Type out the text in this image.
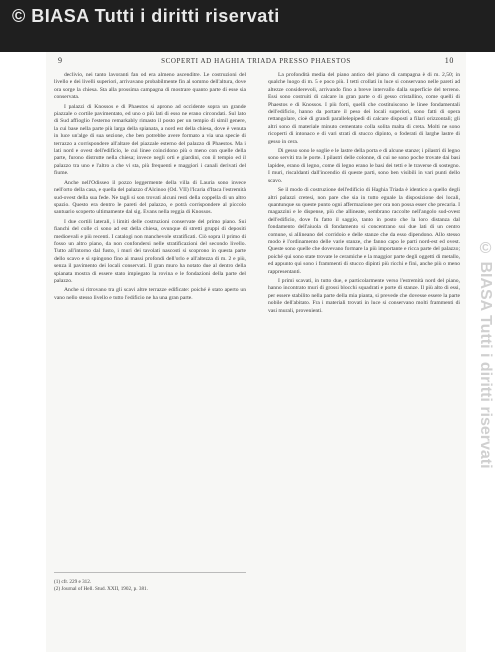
© BIASA Tutti i diritti riservati
© BIASA Tutti i diritti riservati
9	SCOPERTI AD HAGHIA TRIADA PRESSO PHAESTOS	10

declivio, nei tanto lavoranti fan od era almeno ascenditre. Le costruzioni del livello e dei livelli superiori, arrivavano probabilmente fin al sommo dell'altura, dove ora sorge la chiesa. Sta alla prossima campagna di mostrare quanto parte di esse sia conservata.

I palazzi di Knossos e di Phaestos si aprono ad occidente sopra un grande piazzale o cortile pavimentato, ed uno o più lati di esso ne erano circondati. Sul lato di Sud affioglio l'esterno remarkably rimasto il posto per un tempio di simil genere, la cui base nella parte più larga della spianata, a nord est della chiesa, dove è venuta in luce un'alge di sua sezione, che ben potrebbe avere formato a via una specie di terrazzo a corrispondere all'altare del piazzale esterno del palazzo di Phaestos. Ma i lati nord e ovest dell'edificio, le cui linee coincidono più o meno con quelle della parte, furono distrutte nella chiesa; invece negli orti e giardini, con il tempio ed il palazzo tra uno e l'altro a che vi sta, più frequenti e maggiori i canali derivati del fiume.

Anche nell'Odisseo il pozzo leggermente della villa di Lauria sono invece nell'orto della casa, e quella del palazzo d'Alcinoo (Od. VII) l'Icaria d'Itaca l'estremità sud-ovest della sua fede. Ne tagli si son trovati alcuni resti della coppella di un altro spazio. Questo era dentro le pareti del palazzo, e potrà corrispondere al piccolo santuario scoperto ultimamente dal sig. Evans nella reggia di Knossos.

I due cortili laterali, i limiti delle costruzioni conservate del primo piano. Sui fianchi del colle ci sono ad est della chiesa, ovunque di stretti gruppi di depositi medioevali e più recenti. I catalogi non manchevole stratificati. Ciò sopra il primo di fosso un altro piano, da non confondersi nelle stratificazioni del secondo livello. Tutto all'intorno dal fusto, i muri dei tavolati nascosti si scoprono in questa parte dello scavo e si spingono fino ai massi profondi dell'orlo e all'altezza di m. 2 e più, senza il pavimento dei locali conservati. Il gran muro ha notato due al dentro della spianata mostra di essere stato impiegato la rovina e le fondazioni della parte del palazzo.

Anche si ritrovano tra gli scavi altre terrazze edificate: poiché è stato aperto un vano nello stesso livello e tutto l'edificio ne ha una gran parte.

(1) cfr. 229 e 312.
(2) Journal of Hell. Stud. XXII, 1902, p. 381.

La profondità media del piano antico del piano di campagna è di m. 2,50; in qualche luogo di m. 5 e poco più. I tetti crollati in luce si conservano nelle pareti ad altezze considerevoli, arrivando fino a breve intervallo dalla superficie del terreno. Essi sono costruiti di calcare in gran parte o di gesso cristallino, come quelli di Phaestos e di Knossos. I più forti, quelli che costituiscono le linee fondamentali dell'edificio, hanno da portare il peso dei locali superiori, sono fatti di opera rettangolare, cioè di grandi parallelepipedi di calcare disposti a filari orizzontali; gli altri sono di materiale minuto cementato colla solita malta di creta. Molti ne sono ricoperti di intonaco e di vari strati di stucco dipinto, o foderati di larghe lastre di gesso in cera.

Di gesso sono le soglie e le lastre della porta e di alcune stanze; i pilastri di legno sono serviti tra le porte. I pilastri delle colonne, di cui ne sono poche trovate dai basi lapidee, erano di legno, come di legno erano le basi dei tetti e le traverse di sostegno. I muri, riscaldanti dall'incendio di queste parti, sono ben visibili in vari punti dello scavo.

Se il modo di costruzione dell'edificio di Haghia Triada è identico a quello degli altri palazzi cretesi, non pare che sia in tutto eguale la disposizione dei locali, quantunque su queste punto ogni affermazione per ora non possa esser che precaria. I magazzini e le dispense, più che allineate, sembrano raccolte nell'angolo sud-ovest dell'edificio, dove fu fatto il saggio, tanto in posto che la loro distanza dal fondamento dell'aiuola di fondamento si concentrano sui due lati di un centro comune, si allineano del corridoio e delle stanze che da esso dipendono. Allo stesso modo è l'ordinamento delle varie stanze, che fanno capo le parti nord-est ed ovest. Queste sono quelle che dovevano formare la più importante e ricca parte del palazzo; poiché qui sono state trovate le ceramiche e la maggior parte degli oggetti di metallo, ed appunto qui sono i frammenti di stucco dipinti più ricchi e fini, anche più o meno rappresentanti.

I primi scavati, in tutto due, e particolarmente verso l'estremità nord del piano, hanno incontrato muri di grossi blocchi squadrati e porte di stanze. Il più alto di essi, per essere stabilito nella parte della mia pianta, si prevede che dovesse essere la parte nobile dell'abitato. Fra i materiali trovati in luce si conservano molti frammenti di vasi murali, provenienti.
